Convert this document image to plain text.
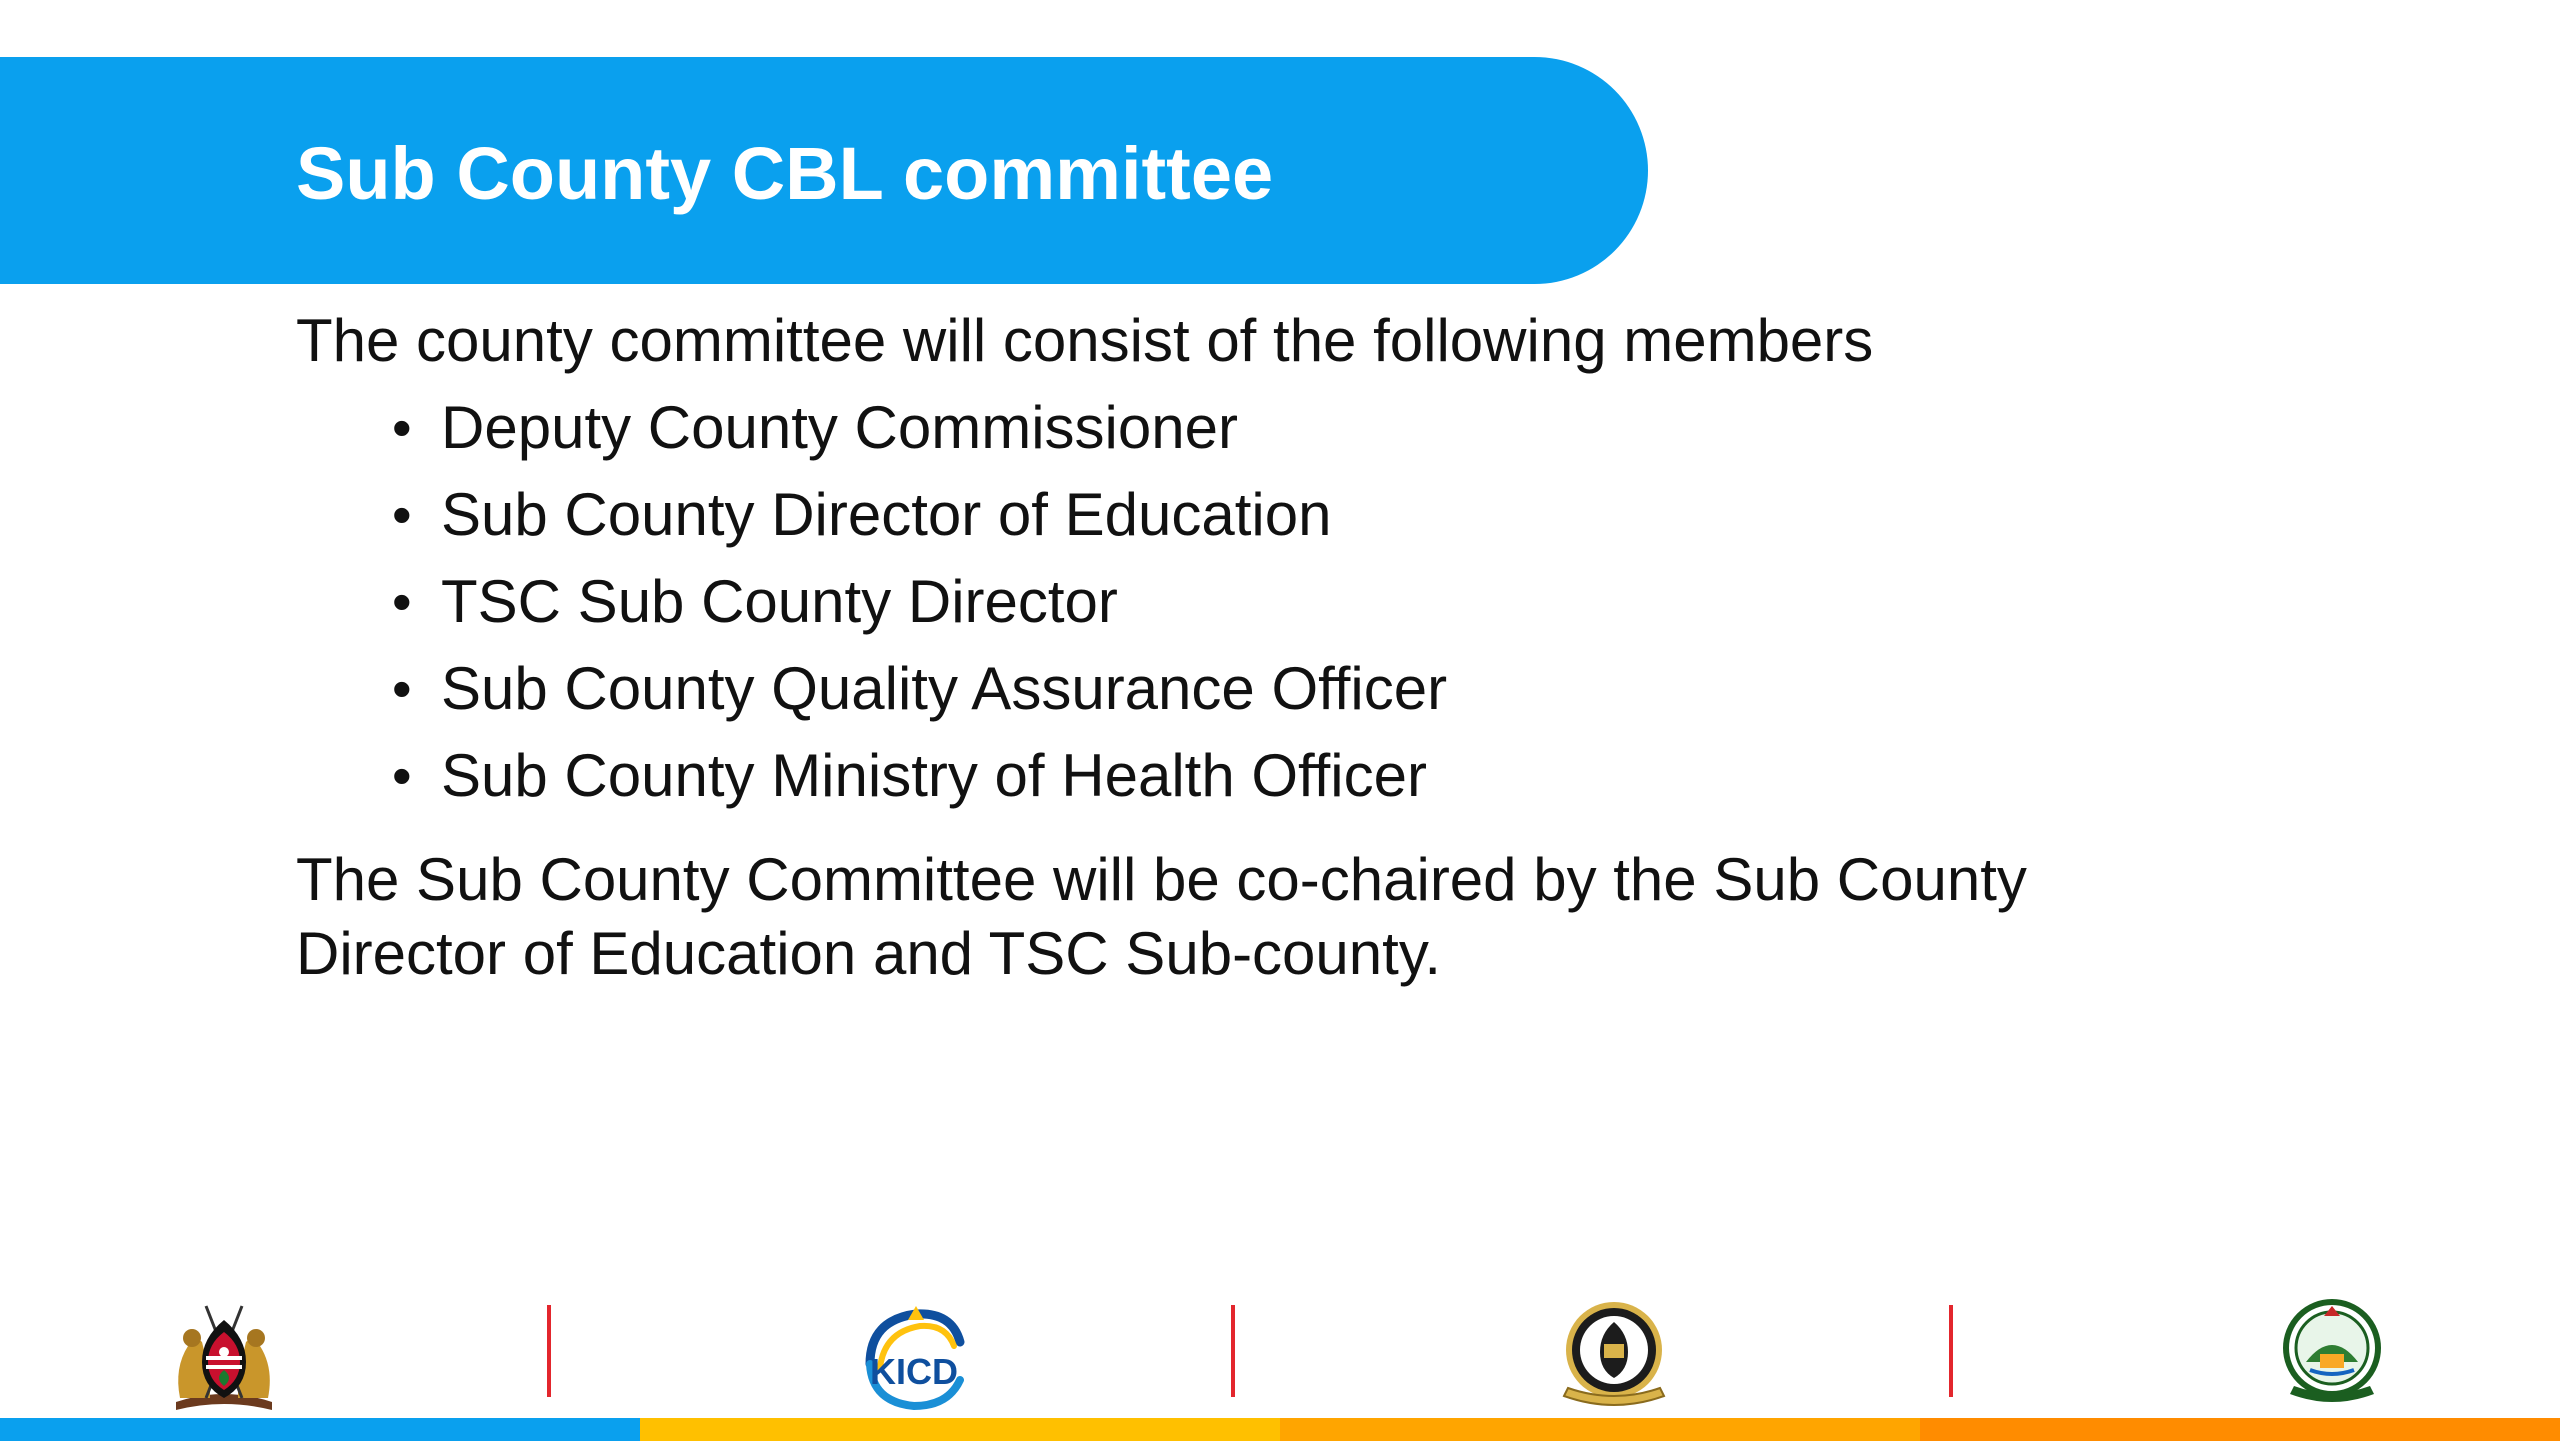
Sub County CBL committee
The county committee will consist of the following members
• Deputy County Commissioner
• Sub County Director of Education
• TSC Sub County Director
• Sub County Quality Assurance Officer
• Sub County Ministry of Health Officer
The Sub County Committee will be co-chaired by the Sub County Director of Education and TSC Sub-county.
KICD
